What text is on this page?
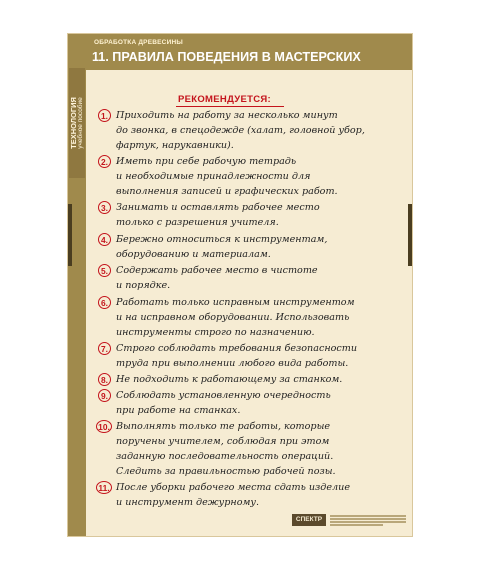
ТЕХНОЛОГИЯ учебное пособие
ОБРАБОТКА ДРЕВЕСИНЫ
11. ПРАВИЛА ПОВЕДЕНИЯ В МАСТЕРСКИХ
РЕКОМЕНДУЕТСЯ:
1. Приходить на работу за несколько минут
до звонка, в спецодежде (халат, головной убор,
фартук, нарукавники).
2. Иметь при себе рабочую тетрадь
и необходимые принадлежности для
выполнения записей и графических работ.
3. Занимать и оставлять рабочее место
только с разрешения учителя.
4. Бережно относиться к инструментам,
оборудованию и материалам.
5. Содержать рабочее место в чистоте
и порядке.
6. Работать только исправным инструментом
и на исправном оборудовании. Использовать
инструменты строго по назначению.
7. Строго соблюдать требования безопасности
труда при выполнении любого вида работы.
8. Не подходить к работающему за станком.
9. Соблюдать установленную очередность
при работе на станках.
10. Выполнять только те работы, которые
поручены учителем, соблюдая при этом
заданную последовательность операций.
Следить за правильностью рабочей позы.
11. После уборки рабочего места сдать изделие
и инструмент дежурному.
СПЕКТР
